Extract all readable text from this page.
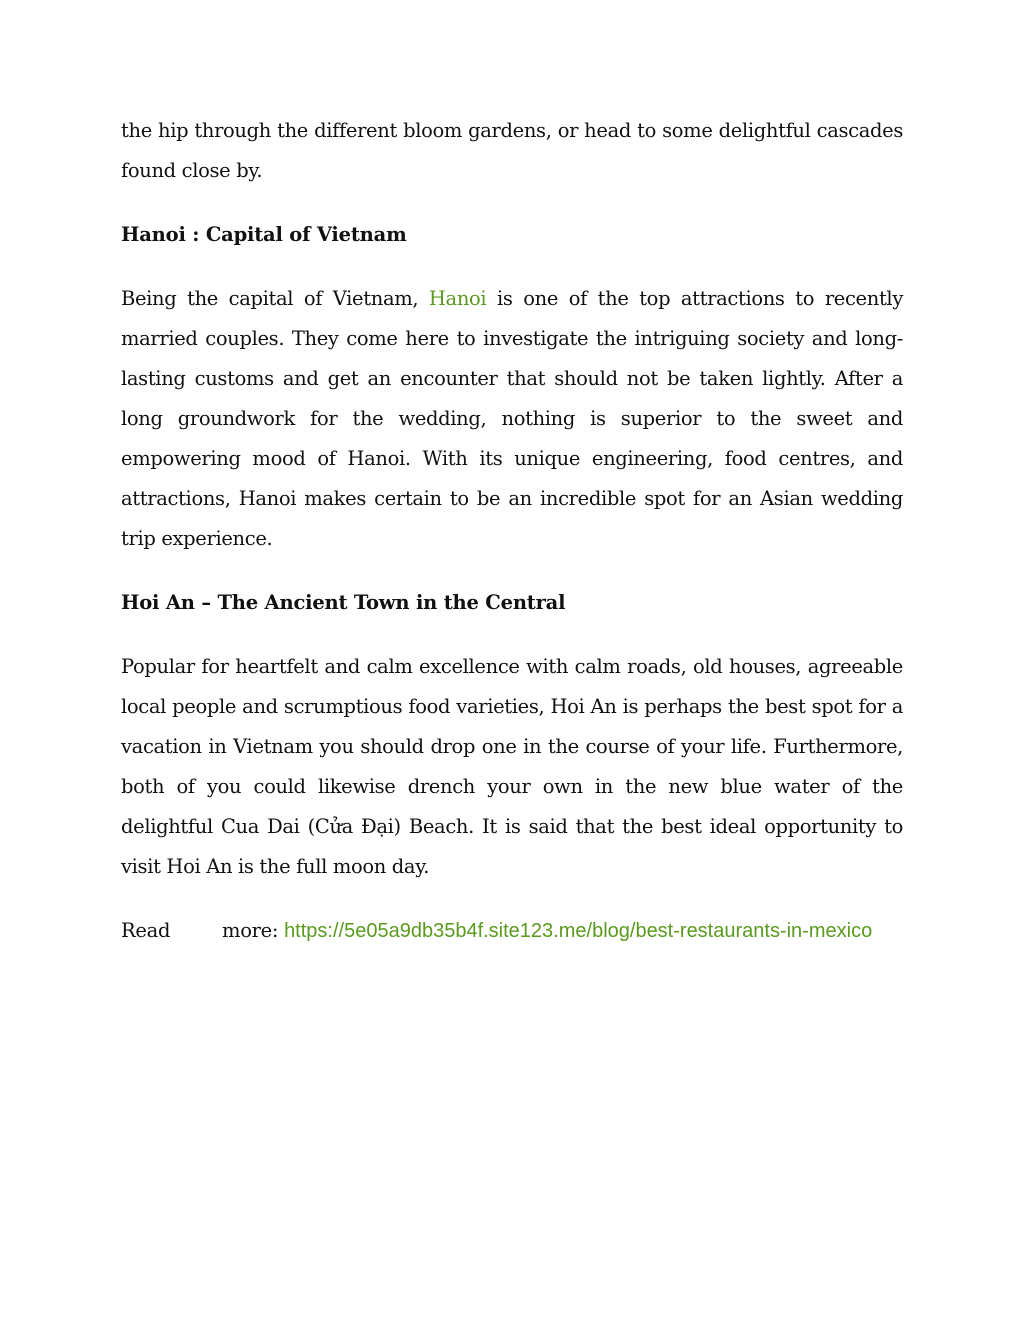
the hip through the different bloom gardens, or head to some delightful cascades found close by.

Hanoi : Capital of Vietnam

Being the capital of Vietnam, Hanoi is one of the top attractions to recently married couples. They come here to investigate the intriguing society and long-lasting customs and get an encounter that should not be taken lightly. After a long groundwork for the wedding, nothing is superior to the sweet and empowering mood of Hanoi. With its unique engineering, food centres, and attractions, Hanoi makes certain to be an incredible spot for an Asian wedding trip experience.

Hoi An – The Ancient Town in the Central

Popular for heartfelt and calm excellence with calm roads, old houses, agreeable local people and scrumptious food varieties, Hoi An is perhaps the best spot for a vacation in Vietnam you should drop one in the course of your life. Furthermore, both of you could likewise drench your own in the new blue water of the delightful Cua Dai (Cửa Đại) Beach. It is said that the best ideal opportunity to visit Hoi An is the full moon day.

Read	more: https://5e05a9db35b4f.site123.me/blog/best-restaurants-in-mexico
